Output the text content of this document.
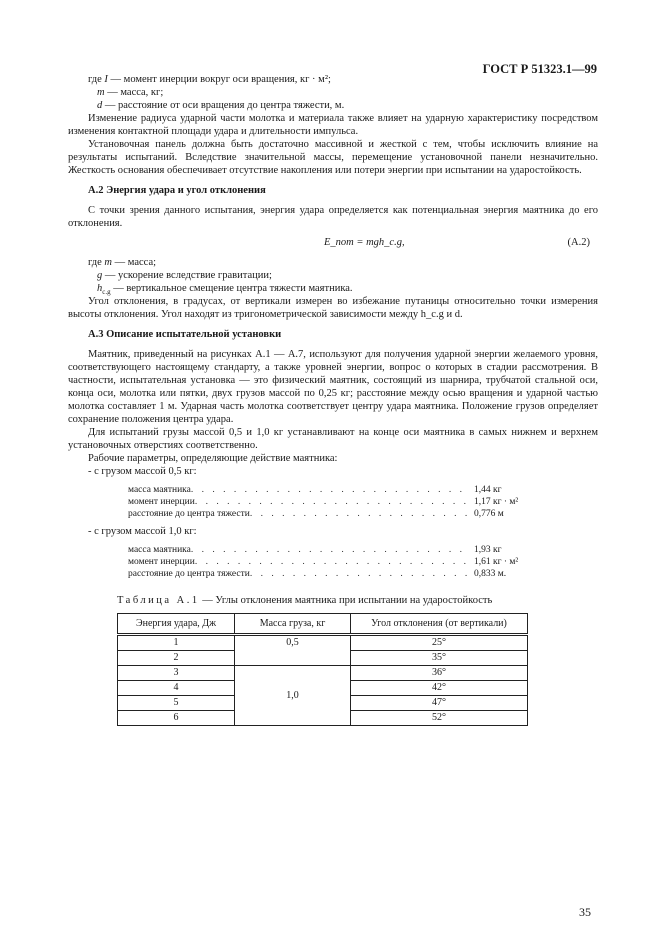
ГОСТ Р 51323.1—99
где I — момент инерции вокруг оси вращения, кг · м²;
m — масса, кг;
d — расстояние от оси вращения до центра тяжести, м.

Изменение радиуса ударной части молотка и материала также влияет на ударную характеристику посредством изменения контактной площади удара и длительности импульса.

Установочная панель должна быть достаточно массивной и жесткой с тем, чтобы исключить влияние на результаты испытаний. Вследствие значительной массы, перемещение установочной панели незначительно. Жесткость основания обеспечивает отсутствие накопления или потери энергии при испытании на ударостойкость.

А.2 Энергия удара и угол отклонения

С точки зрения данного испытания, энергия удара определяется как потенциальная энергия маятника до его отклонения.

E_пот = mgh_c.g,	(А.2)
где m — масса;
g — ускорение вследствие гравитации;
$h_{c.g}$ — вертикальное смещение центра тяжести маятника.

Угол отклонения, в градусах, от вертикали измерен во избежание путаницы относительно точки измерения высоты отклонения. Угол находят из тригонометрической зависимости между h_c.g и d.

А.3 Описание испытательной установки

Маятник, приведенный на рисунках А.1 — А.7, используют для получения ударной энергии желаемого уровня, соответствующего настоящему стандарту, а также уровней энергии, вопрос о которых в стадии рассмотрения. В частности, испытательная установка — это физический маятник, состоящий из шарнира, трубчатой стальной оси, конца оси, молотка или пятки, двух грузов массой по 0,25 кг; расстояние между осью вращения и ударной частью молотка составляет 1 м. Ударная часть молотка соответствует центру удара маятника. Положение грузов определяет сохранение положения центра удара.

Для испытаний грузы массой 0,5 и 1,0 кг устанавливают на конце оси маятника в самых нижнем и верхнем установочных отверстиях соответственно.

Рабочие параметры, определяющие действие маятника:

- с грузом массой 0,5 кг:
масса маятника . . .	1,44 кг
момент инерции . . .	1,17 кг · м²
расстояние до центра тяжести . . .	0,776 м
- с грузом массой 1,0 кг:
масса маятника . . .	1,93 кг
момент инерции . . .	1,61 кг · м²
расстояние до центра тяжести . . .	0,833 м.
Таблица А.1 — Углы отклонения маятника при испытании на ударостойкость
Энергия удара, Дж	Масса груза, кг	Угол отклонения (от вертикали)
1	0,5	25°
2		35°
3	1,0	36°
4		42°
5		47°
6		52°
35
